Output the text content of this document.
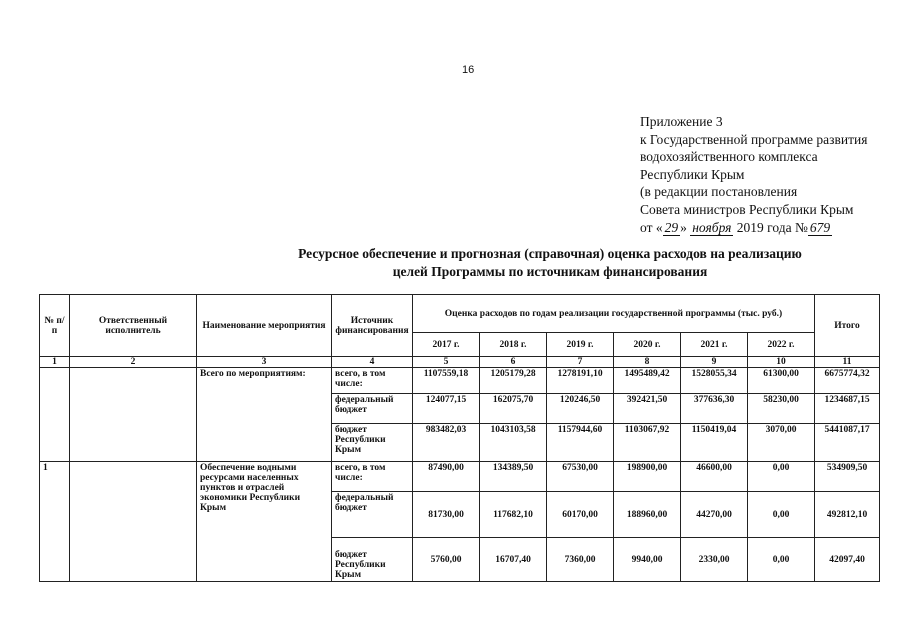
16
Приложение 3
к Государственной программе развития
водохозяйственного комплекса
Республики Крым
(в редакции постановления
Совета министров Республики Крым
от « 29 » ноября 2019 года № 679
Ресурсное обеспечение и прогнозная (справочная) оценка расходов на реализацию
целей Программы по источникам финансирования
№ п/п	Ответственный исполнитель	Наименование мероприятия	Источник финансирования	Оценка расходов по годам реализации государственной программы (тыс. руб.)						Итого
				2017 г.	2018 г.	2019 г.	2020 г.	2021 г.	2022 г.	
1	2	3	4	5	6	7	8	9	10	11
		Всего по мероприятиям:	всего, в том числе:	1107559,18	1205179,28	1278191,10	1495489,42	1528055,34	61300,00	6675774,32
			федеральный бюджет	124077,15	162075,70	120246,50	392421,50	377636,30	58230,00	1234687,15
			бюджет Республики Крым	983482,03	1043103,58	1157944,60	1103067,92	1150419,04	3070,00	5441087,17
1		Обеспечение водными ресурсами населенных пунктов и отраслей экономики Республики Крым	всего, в том числе:	87490,00	134389,50	67530,00	198900,00	46600,00	0,00	534909,50
			федеральный бюджет	81730,00	117682,10	60170,00	188960,00	44270,00	0,00	492812,10
			бюджет Республики Крым	5760,00	16707,40	7360,00	9940,00	2330,00	0,00	42097,40
